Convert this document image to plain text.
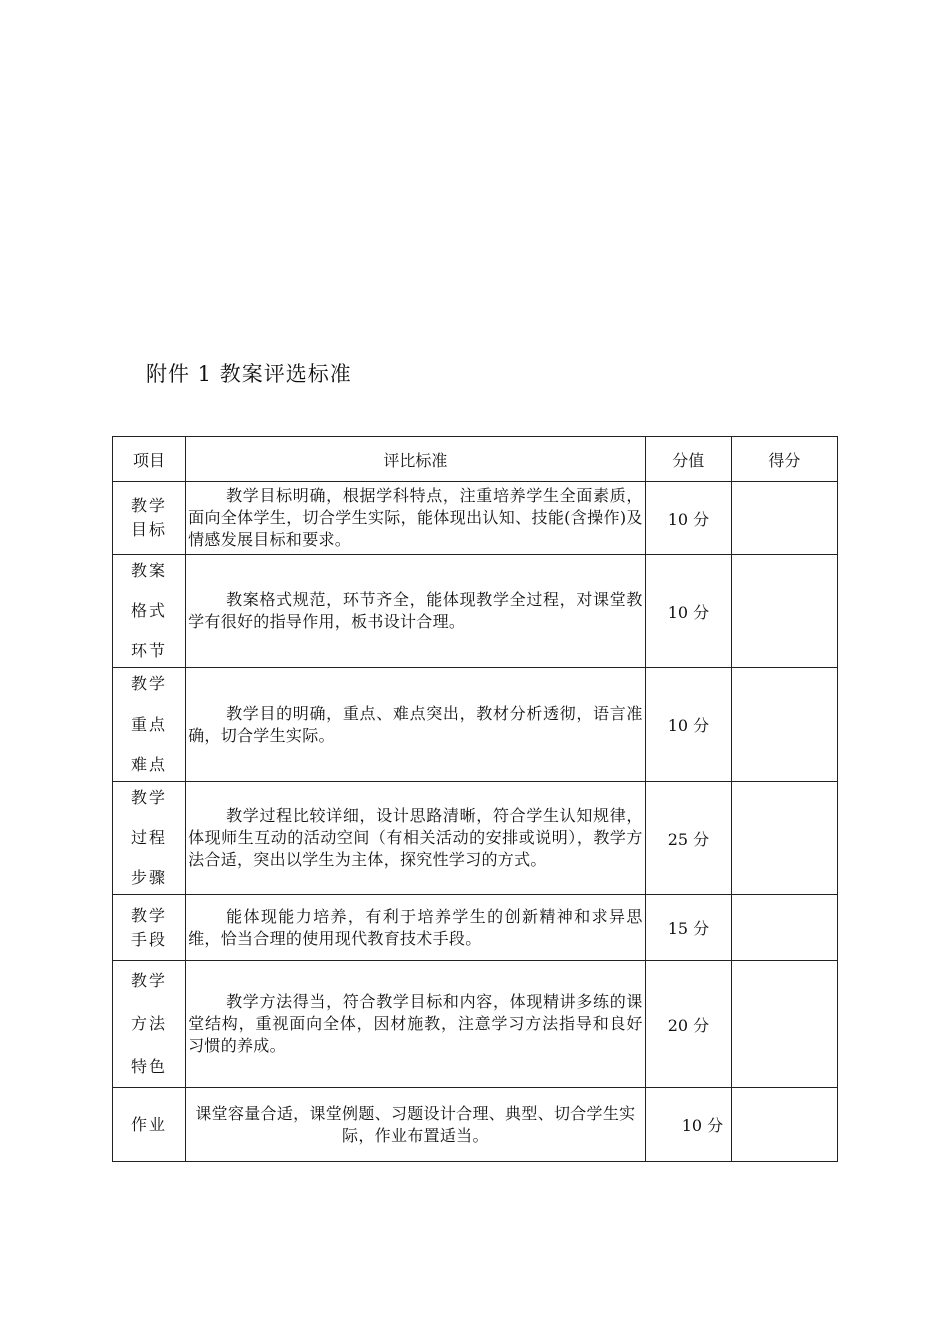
附件 1 教案评选标准
项目	评比标准	分值	得分

教学
目标	教学目标明确，根据学科特点，注重培养学生全面素质，面向全体学生，切合学生实际，能体现出认知、技能(含操作)及情感发展目标和要求。	10 分	

教案
格式
环节	教案格式规范，环节齐全，能体现教学全过程，对课堂教学有很好的指导作用，板书设计合理。	10 分	

教学
重点
难点	教学目的明确，重点、难点突出，教材分析透彻，语言准确，切合学生实际。	10 分	

教学
过程
步骤	教学过程比较详细，设计思路清晰，符合学生认知规律，体现师生互动的活动空间（有相关活动的安排或说明），教学方法合适，突出以学生为主体，探究性学习的方式。	25 分	

教学
手段	能体现能力培养，有利于培养学生的创新精神和求异思维，恰当合理的使用现代教育技术手段。	15 分	

教学
方法
特色	教学方法得当，符合教学目标和内容，体现精讲多练的课堂结构，重视面向全体，因材施教，注意学习方法指导和良好习惯的养成。	20 分	

作业	课堂容量合适，课堂例题、习题设计合理、典型、切合学生实际，作业布置适当。	10 分	
